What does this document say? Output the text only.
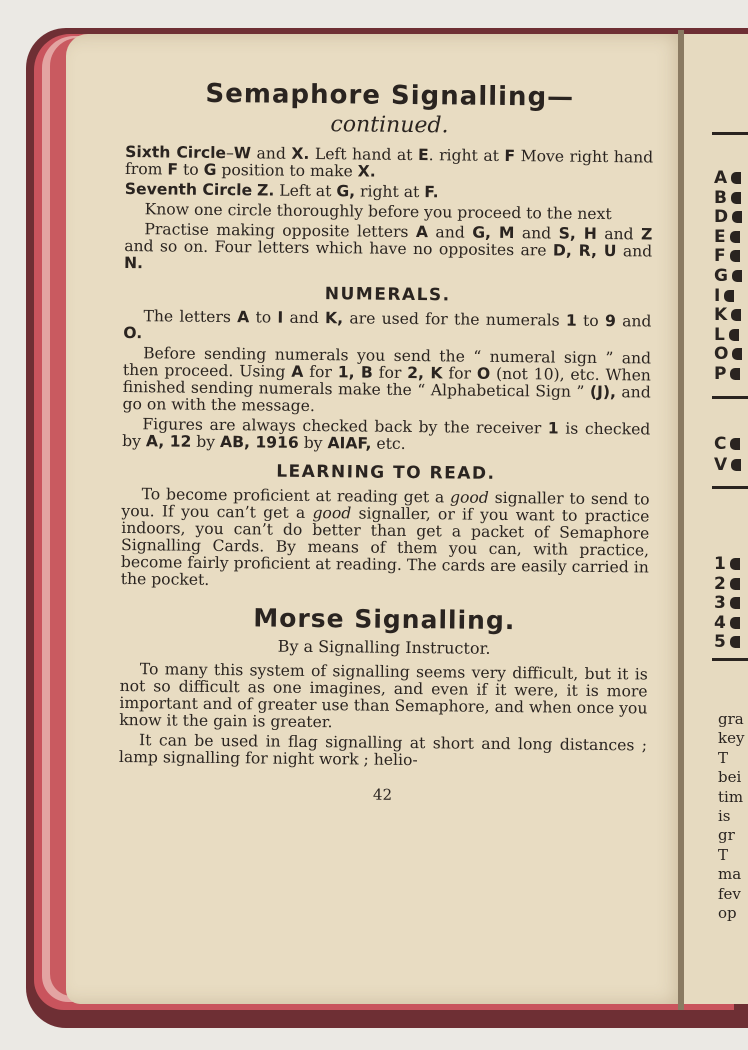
A
B
D
E
F
G
I
K
L
O
P
C
V
1
2
3
4
5
gra
key
T
bei
tim
is
gr
T
ma
fev
op
Semaphore Signalling—
continued.

Sixth Circle–W and X. Left hand at E. right at F Move right hand from F to G position to make X.

Seventh Circle Z. Left at G, right at F.

Know one circle thoroughly before you proceed to the next

Practise making opposite letters A and G, M and S, H and Z and so on. Four letters which have no opposites are D, R, U and N.

NUMERALS.

The letters A to I and K, are used for the numerals 1 to 9 and O.

Before sending numerals you send the “ numeral sign ” and then proceed. Using A for 1, B for 2, K for O (not 10), etc. When finished sending numerals make the “ Alphabetical Sign ” (J), and go on with the message.

Figures are always checked back by the receiver 1 is checked by A, 12 by AB, 1916 by AIAF, etc.

LEARNING TO READ.

To become proficient at reading get a good signaller to send to you. If you can’t get a good signaller, or if you want to practice indoors, you can’t do better than get a packet of Semaphore Signalling Cards. By means of them you can, with practice, become fairly proficient at reading. The cards are easily carried in the pocket.

Morse Signalling.
By a Signalling Instructor.

To many this system of signalling seems very difficult, but it is not so difficult as one imagines, and even if it were, it is more important and of greater use than Semaphore, and when once you know it the gain is greater.

It can be used in flag signalling at short and long distances ; lamp signalling for night work ; helio-

42
